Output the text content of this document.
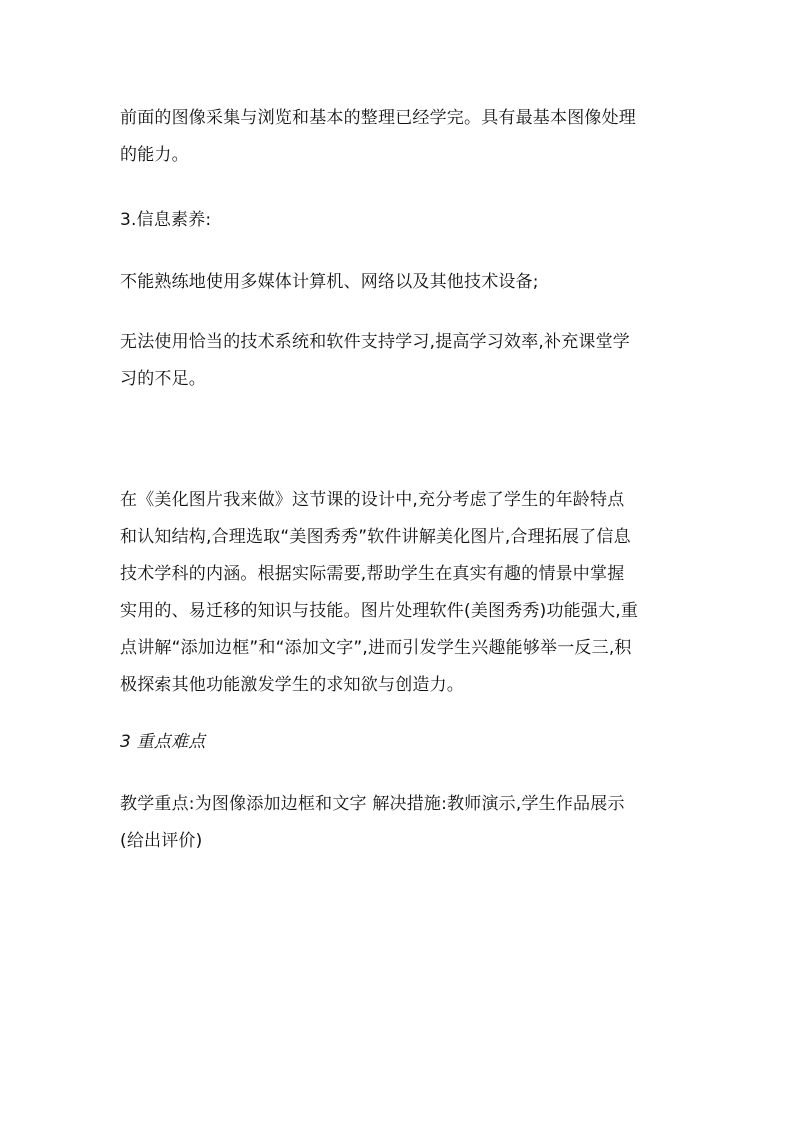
前面的图像采集与浏览和基本的整理已经学完。具有最基本图像处理
的能力。
3.信息素养:
不能熟练地使用多媒体计算机、网络以及其他技术设备;
无法使用恰当的技术系统和软件支持学习,提高学习效率,补充课堂学
习的不足。
在《美化图片我来做》这节课的设计中,充分考虑了学生的年龄特点
和认知结构,合理选取“美图秀秀”软件讲解美化图片,合理拓展了信息
技术学科的内涵。根据实际需要,帮助学生在真实有趣的情景中掌握
实用的、易迁移的知识与技能。图片处理软件(美图秀秀)功能强大,重
点讲解“添加边框”和“添加文字”,进而引发学生兴趣能够举一反三,积
极探索其他功能激发学生的求知欲与创造力。
3 重点难点
教学重点:为图像添加边框和文字 解决措施:教师演示,学生作品展示
(给出评价)
